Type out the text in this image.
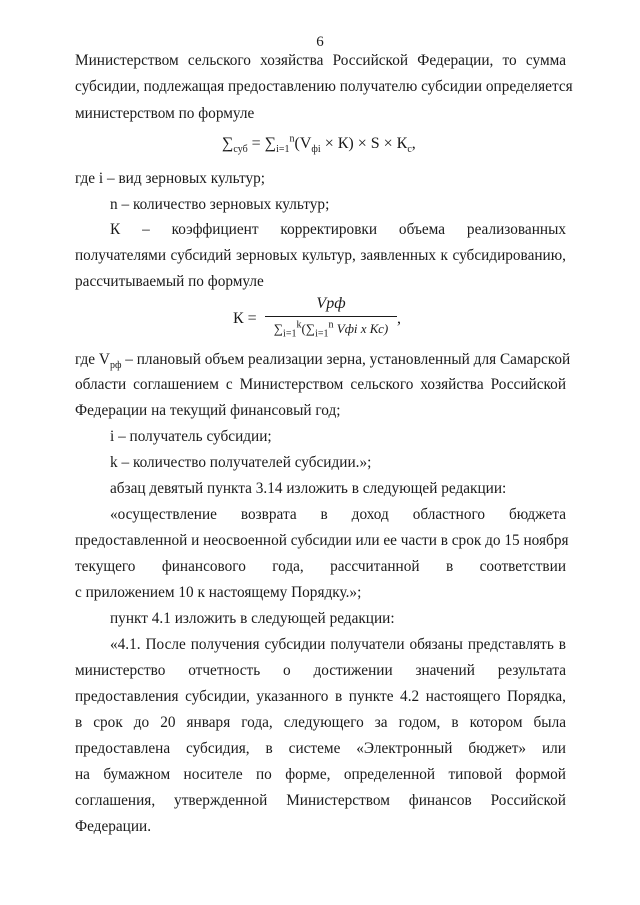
6
Министерством сельского хозяйства Российской Федерации, то сумма
субсидии, подлежащая предоставлению получателю субсидии определяется
министерством по формуле
$\sum_{суб} = \sum_{i=1}^n(V_{фi} \times К) \times S \times К_с$,
где i – вид зерновых культур;
n – количество зерновых культур;
К – коэффициент корректировки объема реализованных
получателями субсидий зерновых культур, заявленных к субсидированию,
рассчитываемый по формуле
К =
Vрф
$\sum_{i=1}^k(\sum_{i=1}^n$ Vфi x Кс)
,
где $V_{рф}$ – плановый объем реализации зерна, установленный для Самарской
области соглашением с Министерством сельского хозяйства Российской
Федерации на текущий финансовый год;
i – получатель субсидии;
k – количество получателей субсидии.»;
абзац девятый пункта 3.14 изложить в следующей редакции:
«осуществление возврата в доход областного бюджета
предоставленной и неосвоенной субсидии или ее части в срок до 15 ноября
текущего финансового года, рассчитанной в соответствии
с приложением 10 к настоящему Порядку.»;
пункт 4.1 изложить в следующей редакции:
«4.1. После получения субсидии получатели обязаны представлять в
министерство отчетность о достижении значений результата
предоставления субсидии, указанного в пункте 4.2 настоящего Порядка,
в срок до 20 января года, следующего за годом, в котором была
предоставлена субсидия, в системе «Электронный бюджет» или
на бумажном носителе по форме, определенной типовой формой
соглашения, утвержденной Министерством финансов Российской
Федерации.
